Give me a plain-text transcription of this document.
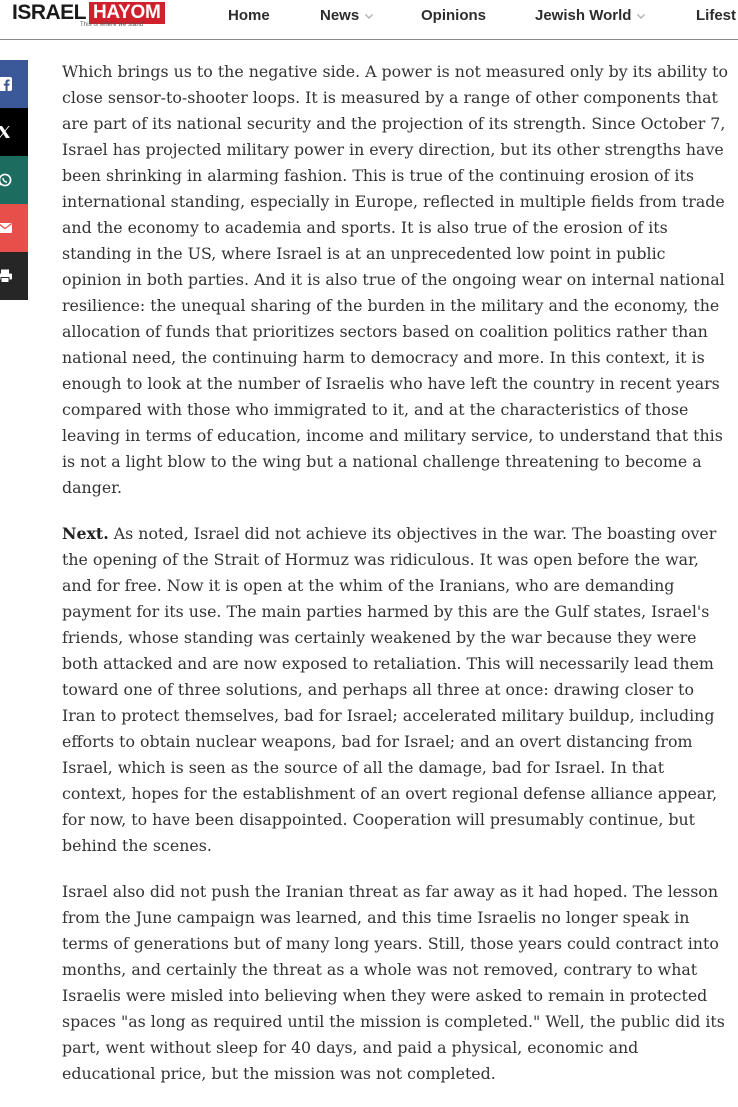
ISRAEL HAYOM
This is where we stand
Home	News	Opinions	Jewish World	Lifest

Which brings us to the negative side. A power is not measured only by its ability to close sensor-to-shooter loops. It is measured by a range of other components that are part of its national security and the projection of its strength. Since October 7, Israel has projected military power in every direction, but its other strengths have been shrinking in alarming fashion. This is true of the continuing erosion of its international standing, especially in Europe, reflected in multiple fields from trade and the economy to academia and sports. It is also true of the erosion of its standing in the US, where Israel is at an unprecedented low point in public opinion in both parties. And it is also true of the ongoing wear on internal national resilience: the unequal sharing of the burden in the military and the economy, the allocation of funds that prioritizes sectors based on coalition politics rather than national need, the continuing harm to democracy and more. In this context, it is enough to look at the number of Israelis who have left the country in recent years compared with those who immigrated to it, and at the characteristics of those leaving in terms of education, income and military service, to understand that this is not a light blow to the wing but a national challenge threatening to become a danger.

Next. As noted, Israel did not achieve its objectives in the war. The boasting over the opening of the Strait of Hormuz was ridiculous. It was open before the war, and for free. Now it is open at the whim of the Iranians, who are demanding payment for its use. The main parties harmed by this are the Gulf states, Israel's friends, whose standing was certainly weakened by the war because they were both attacked and are now exposed to retaliation. This will necessarily lead them toward one of three solutions, and perhaps all three at once: drawing closer to Iran to protect themselves, bad for Israel; accelerated military buildup, including efforts to obtain nuclear weapons, bad for Israel; and an overt distancing from Israel, which is seen as the source of all the damage, bad for Israel. In that context, hopes for the establishment of an overt regional defense alliance appear, for now, to have been disappointed. Cooperation will presumably continue, but behind the scenes.

Israel also did not push the Iranian threat as far away as it had hoped. The lesson from the June campaign was learned, and this time Israelis no longer speak in terms of generations but of many long years. Still, those years could contract into months, and certainly the threat as a whole was not removed, contrary to what Israelis were misled into believing when they were asked to remain in protected spaces "as long as required until the mission is completed." Well, the public did its part, went without sleep for 40 days, and paid a physical, economic and educational price, but the mission was not completed.
